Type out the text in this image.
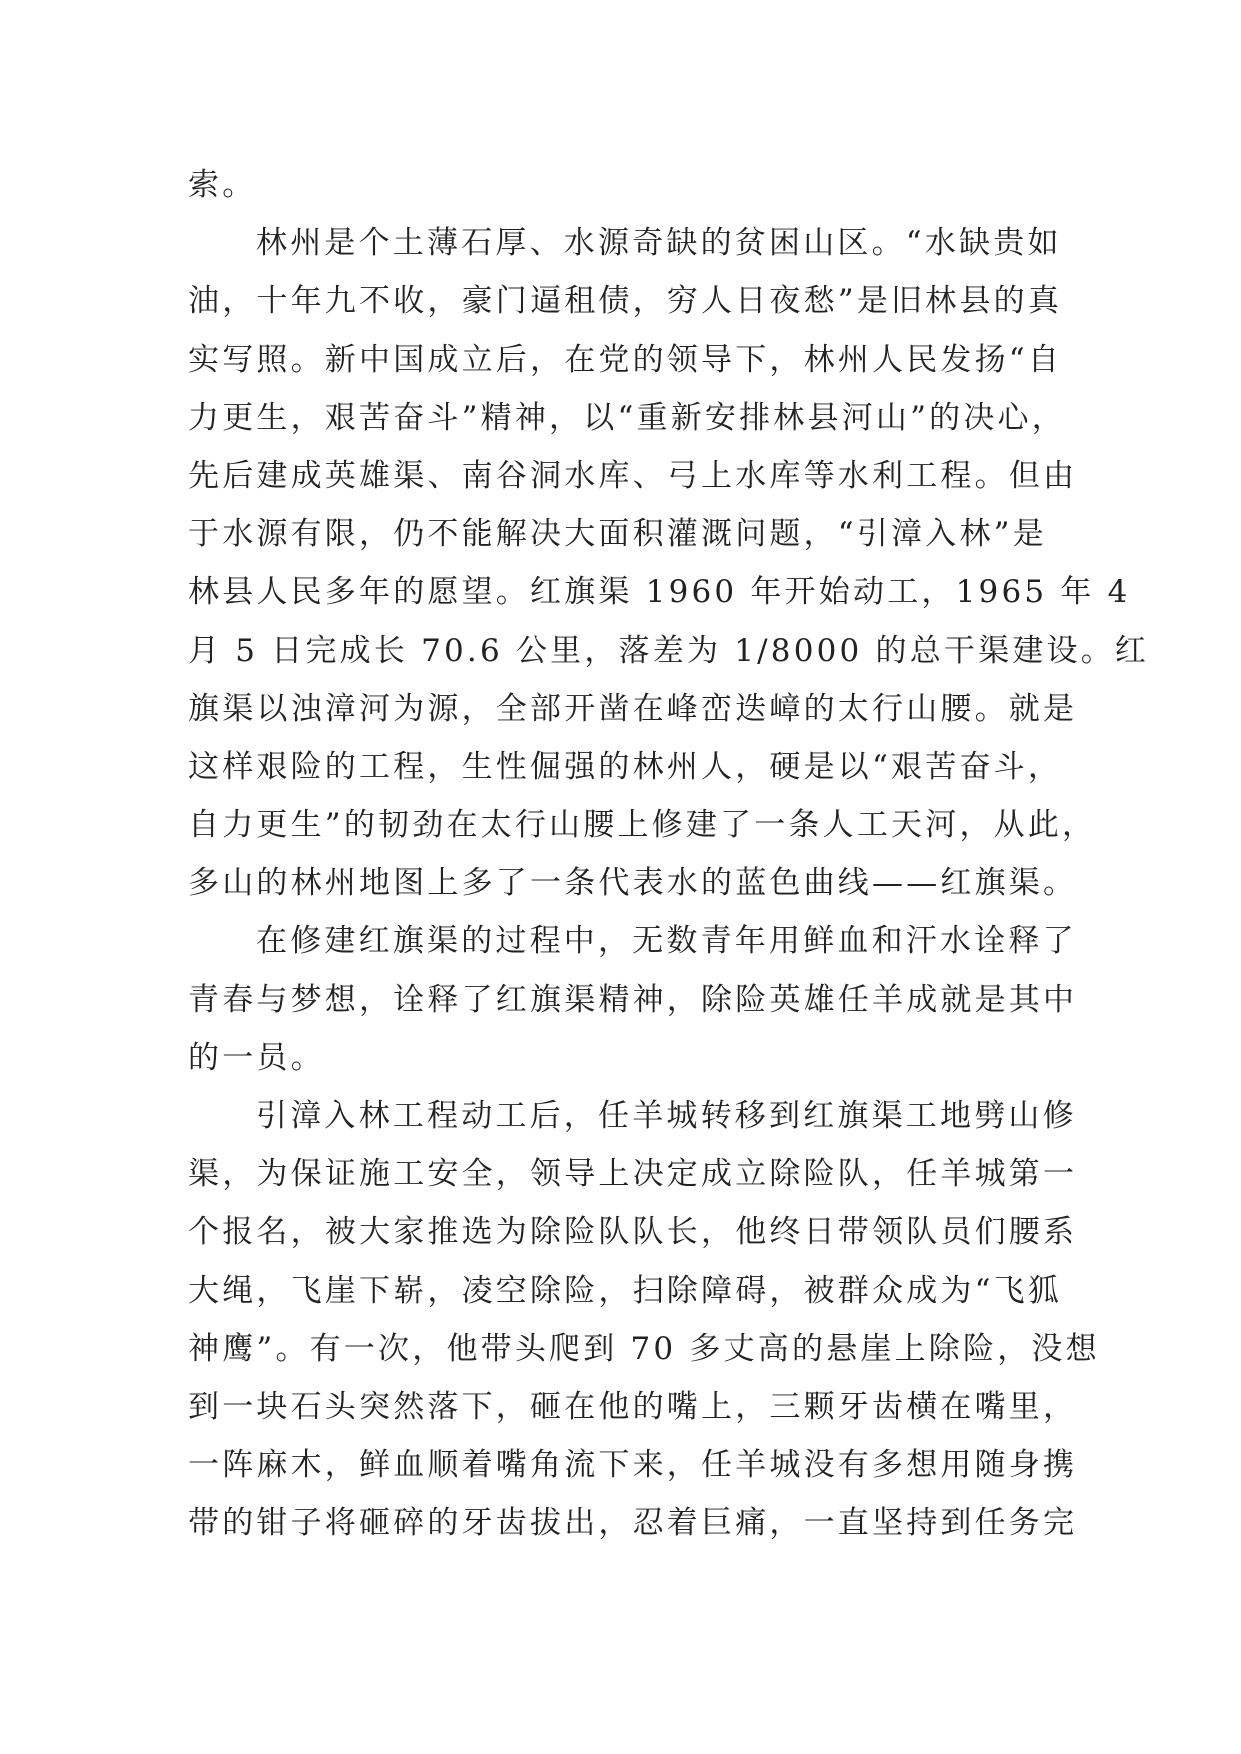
索。
林州是个土薄石厚、水源奇缺的贫困山区。“水缺贵如
油，十年九不收，豪门逼租债，穷人日夜愁”是旧林县的真
实写照。新中国成立后，在党的领导下，林州人民发扬“自
力更生，艰苦奋斗”精神，以“重新安排林县河山”的决心，
先后建成英雄渠、南谷洞水库、弓上水库等水利工程。但由
于水源有限，仍不能解决大面积灌溉问题，“引漳入林”是
林县人民多年的愿望。红旗渠 1960 年开始动工，1965 年 4
月 5 日完成长 70.6 公里，落差为 1/8000 的总干渠建设。红
旗渠以浊漳河为源，全部开凿在峰峦迭嶂的太行山腰。就是
这样艰险的工程，生性倔强的林州人，硬是以“艰苦奋斗，
自力更生”的韧劲在太行山腰上修建了一条人工天河，从此，
多山的林州地图上多了一条代表水的蓝色曲线——红旗渠。
在修建红旗渠的过程中，无数青年用鲜血和汗水诠释了
青春与梦想，诠释了红旗渠精神，除险英雄任羊成就是其中
的一员。
引漳入林工程动工后，任羊城转移到红旗渠工地劈山修
渠，为保证施工安全，领导上决定成立除险队，任羊城第一
个报名，被大家推选为除险队队长，他终日带领队员们腰系
大绳，飞崖下崭，凌空除险，扫除障碍，被群众成为“飞狐
神鹰”。有一次，他带头爬到 70 多丈高的悬崖上除险，没想
到一块石头突然落下，砸在他的嘴上，三颗牙齿横在嘴里，
一阵麻木，鲜血顺着嘴角流下来，任羊城没有多想用随身携
带的钳子将砸碎的牙齿拔出，忍着巨痛，一直坚持到任务完
